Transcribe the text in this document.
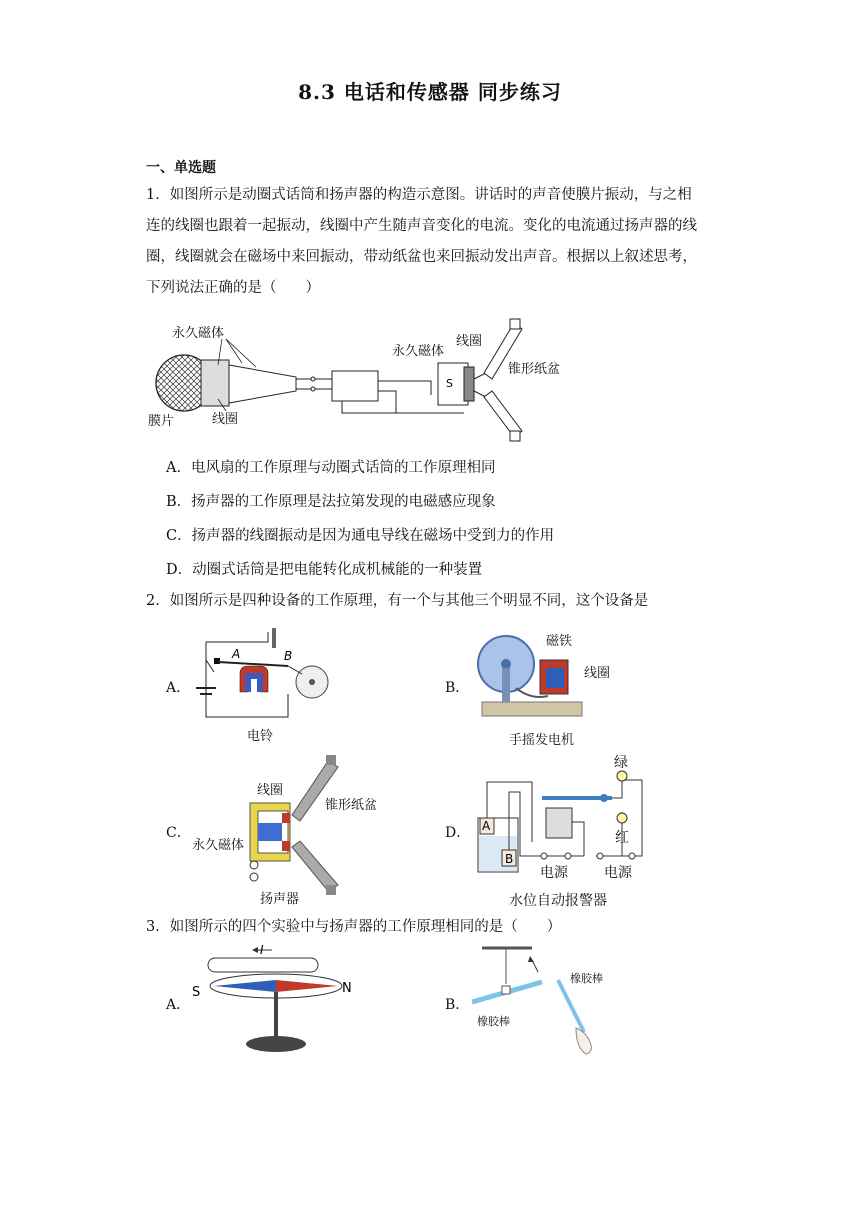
8.3 电话和传感器 同步练习
一、单选题
1．如图所示是动圈式话筒和扬声器的构造示意图。讲话时的声音使膜片振动，与之相
连的线圈也跟着一起振动，线圈中产生随声音变化的电流。变化的电流通过扬声器的线
圈，线圈就会在磁场中来回振动，带动纸盆也来回振动发出声音。根据以上叙述思考，
下列说法正确的是（　　）
S
永久磁体
膜片	线圈
永久磁体
线圈
锥形纸盆
A．电风扇的工作原理与动圈式话筒的工作原理相同
B．扬声器的工作原理是法拉第发现的电磁感应现象
C．扬声器的线圈振动是因为通电导线在磁场中受到力的作用
D．动圈式话筒是把电能转化成机械能的一种装置
2．如图所示是四种设备的工作原理，有一个与其他三个明显不同，这个设备是
A．
A	B
电铃
B．
磁铁
线圈
手摇发电机
C．
线圈
锥形纸盆
永久磁体
扬声器
D． A
B
绿
红
电源	电源
水位自动报警器
3．如图所示的四个实验中与扬声器的工作原理相同的是（　　）
A．
I
S	N
B．
橡胶棒
橡胶棒
